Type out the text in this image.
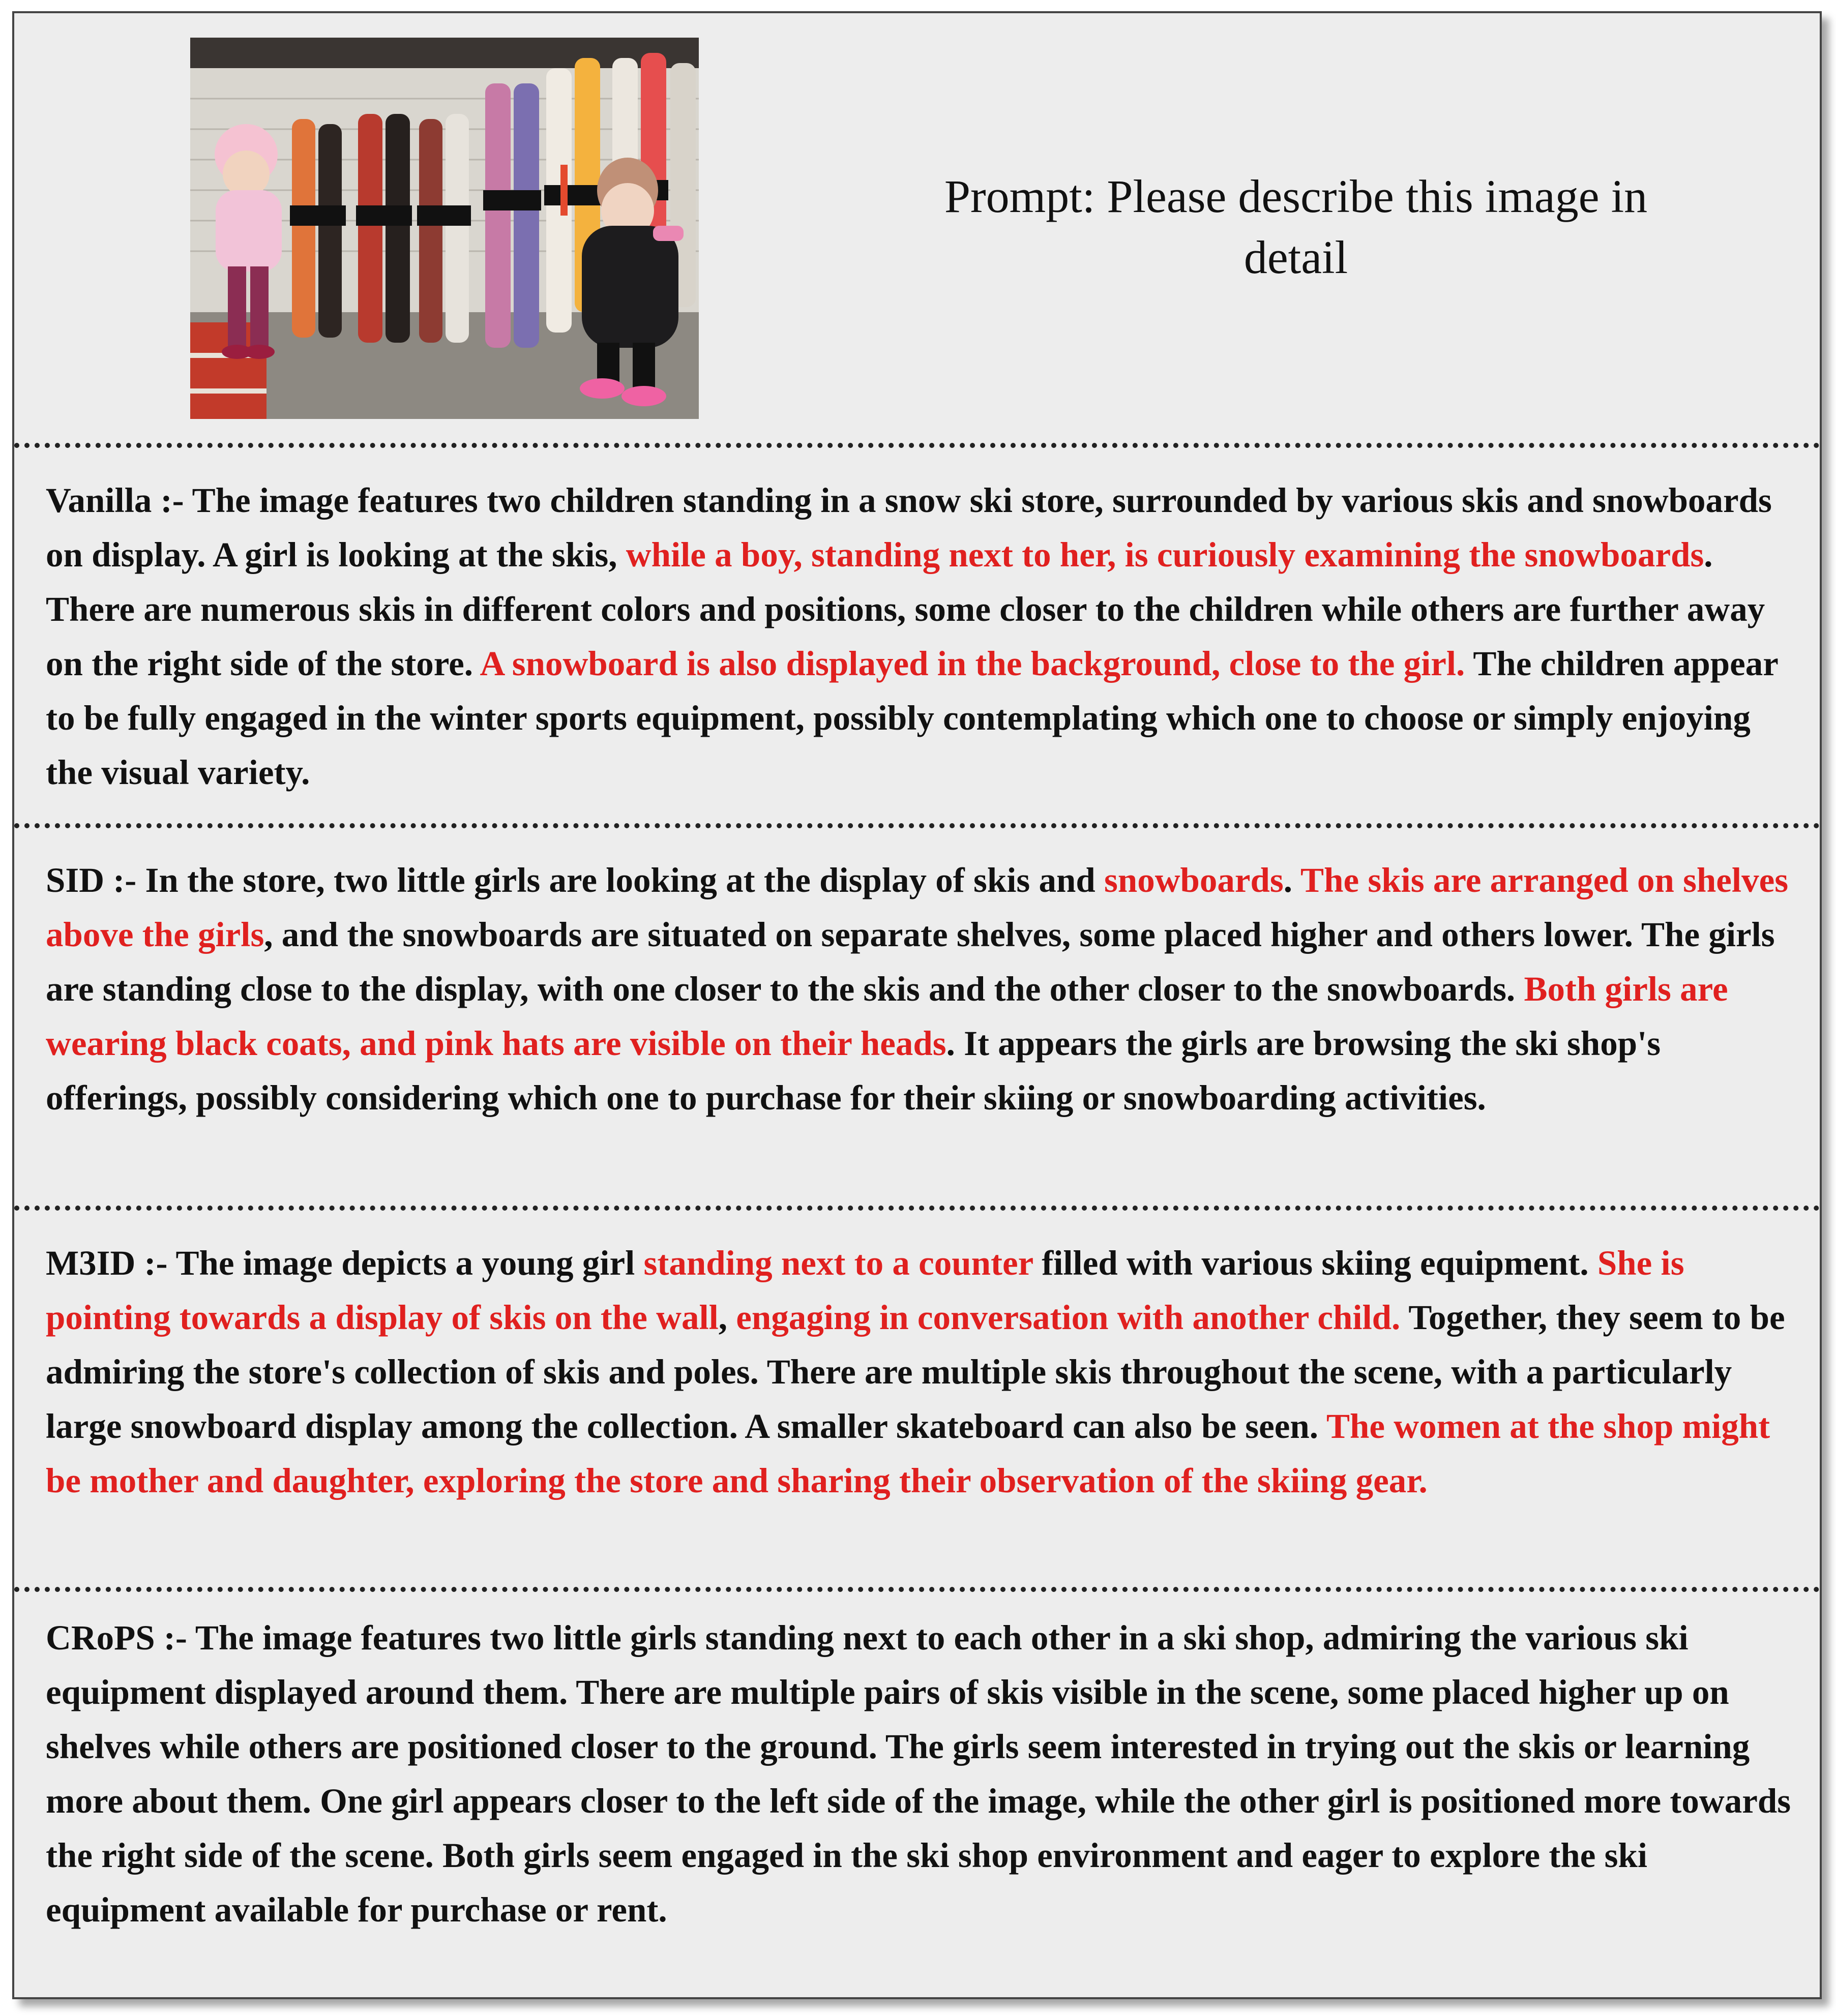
Prompt: Please describe this image in detail
Vanilla :- The image features two children standing in a snow ski store, surrounded by various skis and snowboards on display. A girl is looking at the skis, while a boy, standing next to her, is curiously examining the snowboards. There are numerous skis in different colors and positions, some closer to the children while others are further away on the right side of the store. A snowboard is also displayed in the background, close to the girl. The children appear to be fully engaged in the winter sports equipment, possibly contemplating which one to choose or simply enjoying the visual variety.
SID :- In the store, two little girls are looking at the display of skis and snowboards. The skis are arranged on shelves above the girls, and the snowboards are situated on separate shelves, some placed higher and others lower. The girls are standing close to the display, with one closer to the skis and the other closer to the snowboards. Both girls are wearing black coats, and pink hats are visible on their heads. It appears the girls are browsing the ski shop's offerings, possibly considering which one to purchase for their skiing or snowboarding activities.
M3ID :- The image depicts a young girl standing next to a counter filled with various skiing equipment. She is pointing towards a display of skis on the wall, engaging in conversation with another child. Together, they seem to be admiring the store's collection of skis and poles. There are multiple skis throughout the scene, with a particularly large snowboard display among the collection. A smaller skateboard can also be seen. The women at the shop might be mother and daughter, exploring the store and sharing their observation of the skiing gear.
CRoPS :- The image features two little girls standing next to each other in a ski shop, admiring the various ski equipment displayed around them. There are multiple pairs of skis visible in the scene, some placed higher up on shelves while others are positioned closer to the ground. The girls seem interested in trying out the skis or learning more about them. One girl appears closer to the left side of the image, while the other girl is positioned more towards the right side of the scene. Both girls seem engaged in the ski shop environment and eager to explore the ski equipment available for purchase or rent.
